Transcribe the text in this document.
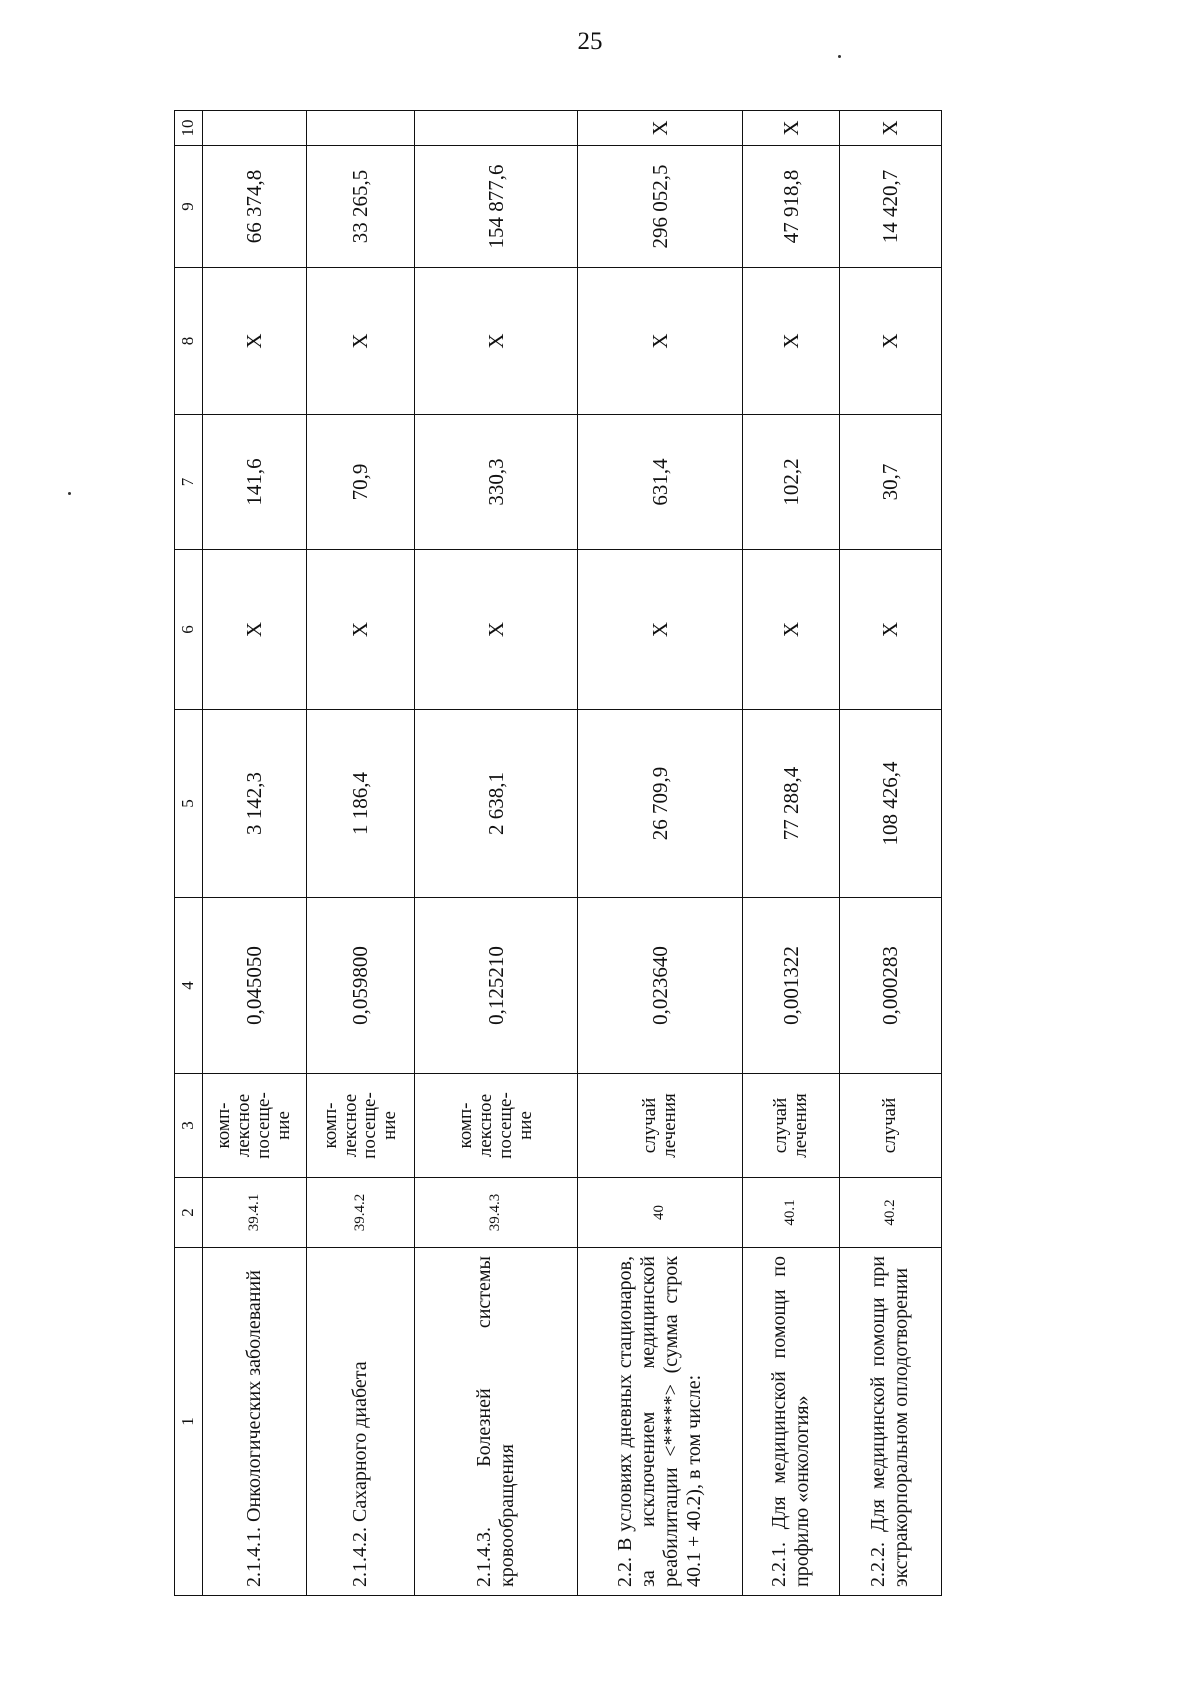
25
1	2	3	4	5	6	7	8	9	10
2.1.4.1. Онкологических заболеваний	39.4.1	комп-лексное посеще-ние	0,045050	3 142,3	X	141,6	X	66 374,8	
2.1.4.2. Сахарного диабета	39.4.2	комп-лексное посеще-ние	0,059800	1 186,4	X	70,9	X	33 265,5	
2.1.4.3. Болезней системы кровообращения	39.4.3	комп-лексное посеще-ние	0,125210	2 638,1	X	330,3	X	154 877,6	
2.2. В условиях дневных стационаров, за исключением медицинской реабилитации <*****> (сумма строк 40.1 + 40.2), в том числе:	40	случай лечения	0,023640	26 709,9	X	631,4	X	296 052,5	X
2.2.1. Для медицинской помощи по профилю «онкология»	40.1	случай лечения	0,001322	77 288,4	X	102,2	X	47 918,8	X
2.2.2. Для медицинской помощи при экстракорпоральном оплодотворении	40.2	случай	0,000283	108 426,4	X	30,7	X	14 420,7	X
